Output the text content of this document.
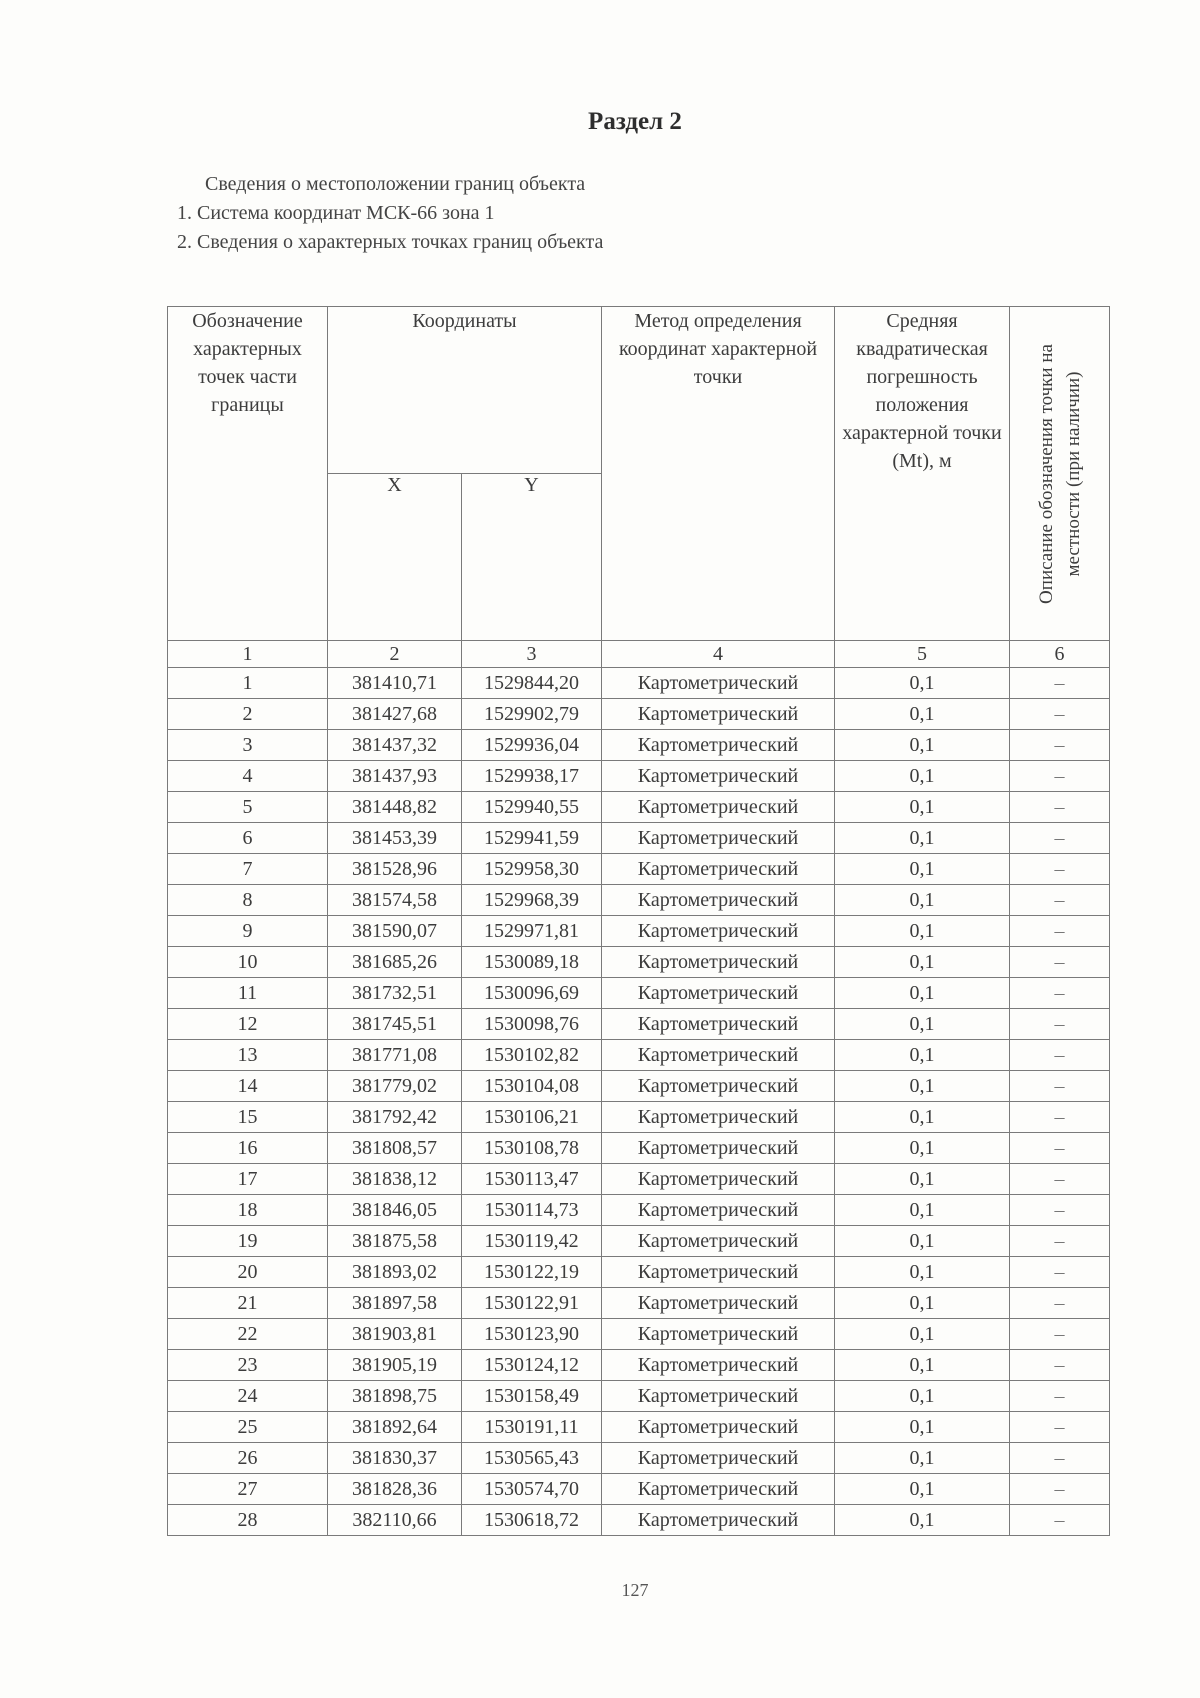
Раздел 2
Сведения о местоположении границ объекта
1. Система координат МСК-66 зона 1
2. Сведения о характерных точках границ объекта
Обозначение характерных точек части границы	Координаты		Метод определения координат характерной точки	Средняя квадратическая погрешность положения характерной точки (Mt), м	Описание обозначения точки на местности (при наличии)

	X	Y			
1	2	3	4	5	6
1	381410,71	1529844,20	Картометрический	0,1	–
2	381427,68	1529902,79	Картометрический	0,1	–
3	381437,32	1529936,04	Картометрический	0,1	–
4	381437,93	1529938,17	Картометрический	0,1	–
5	381448,82	1529940,55	Картометрический	0,1	–
6	381453,39	1529941,59	Картометрический	0,1	–
7	381528,96	1529958,30	Картометрический	0,1	–
8	381574,58	1529968,39	Картометрический	0,1	–
9	381590,07	1529971,81	Картометрический	0,1	–
10	381685,26	1530089,18	Картометрический	0,1	–
11	381732,51	1530096,69	Картометрический	0,1	–
12	381745,51	1530098,76	Картометрический	0,1	–
13	381771,08	1530102,82	Картометрический	0,1	–
14	381779,02	1530104,08	Картометрический	0,1	–
15	381792,42	1530106,21	Картометрический	0,1	–
16	381808,57	1530108,78	Картометрический	0,1	–
17	381838,12	1530113,47	Картометрический	0,1	–
18	381846,05	1530114,73	Картометрический	0,1	–
19	381875,58	1530119,42	Картометрический	0,1	–
20	381893,02	1530122,19	Картометрический	0,1	–
21	381897,58	1530122,91	Картометрический	0,1	–
22	381903,81	1530123,90	Картометрический	0,1	–
23	381905,19	1530124,12	Картометрический	0,1	–
24	381898,75	1530158,49	Картометрический	0,1	–
25	381892,64	1530191,11	Картометрический	0,1	–
26	381830,37	1530565,43	Картометрический	0,1	–
27	381828,36	1530574,70	Картометрический	0,1	–
28	382110,66	1530618,72	Картометрический	0,1	–
127
